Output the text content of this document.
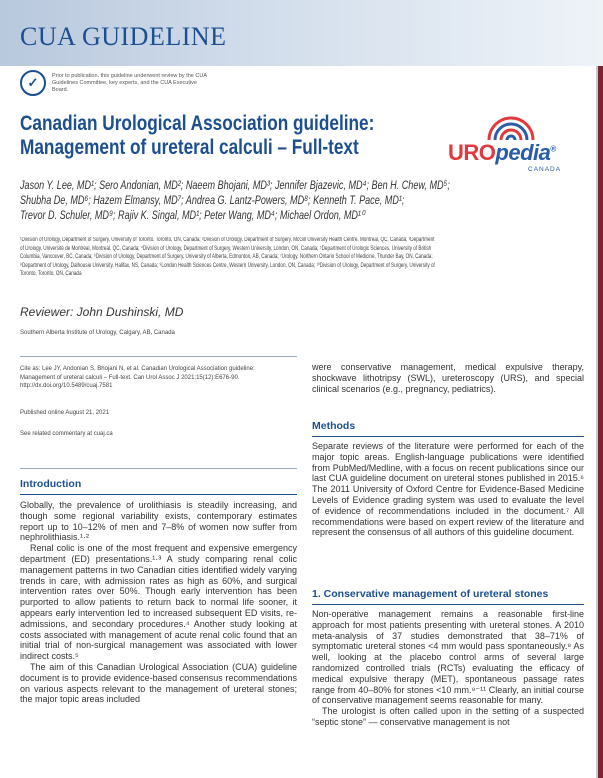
CUA GUIDELINE
✓	Prior to publication, this guideline underwent review by the CUA Guidelines Committee, key experts, and the CUA Executive Board.
Canadian Urological Association guideline:
Management of ureteral calculi – Full-text	UROpedia®
CANADA
Jason Y. Lee, MD¹; Sero Andonian, MD²; Naeem Bhojani, MD³; Jennifer Bjazevic, MD⁴; Ben H. Chew, MD⁵;
Shubha De, MD⁶; Hazem Elmansy, MD⁷; Andrea G. Lantz-Powers, MD⁸; Kenneth T. Pace, MD¹;
Trevor D. Schuler, MD⁹; Rajiv K. Singal, MD¹; Peter Wang, MD⁴; Michael Ordon, MD¹⁰
¹Division of Urology, Department of Surgery, University of Toronto, Toronto, ON, Canada; ²Division of Urology, Department of Surgery, McGill University Health Centre, Montreal, QC, Canada; ³Department
of Urology, Université de Montréal, Montreal, QC, Canada; ⁴Division of Urology, Department of Surgery, Western University, London, ON, Canada; ⁵Department of Urologic Sciences, University of British
Columbia, Vancouver, BC, Canada; ⁶Division of Urology, Department of Surgery, University of Alberta, Edmonton, AB, Canada; ⁷Urology, Northern Ontario School of Medicine, Thunder Bay, ON, Canada;
⁸Department of Urology, Dalhousie University, Halifax, NS, Canada; ⁹London Health Sciences Centre, Western University, London, ON, Canada; ¹⁰Division of Urology, Department of Surgery, University of
Toronto, Toronto, ON, Canada
Reviewer: John Dushinski, MD
Southern Alberta Institute of Urology, Calgary, AB, Canada
Cite as: Lee JY, Andonian S, Bhojani N, et al. Canadian Urological Association guideline:
Management of ureteral calculi – Full-text. Can Urol Assoc J 2021;15(12):E676-90.
http://dx.doi.org/10.5489/cuaj.7581
Published online August 21, 2021
See related commentary at cuaj.ca
Introduction

Globally, the prevalence of urolithiasis is steadily increasing, and though some regional variability exists, contemporary estimates report up to 10–12% of men and 7–8% of women now suffer from nephrolithiasis.¹·²

Renal colic is one of the most frequent and expensive emergency department (ED) presentations.¹·³ A study comparing renal colic management patterns in two Canadian cities identified widely varying trends in care, with admission rates as high as 60%, and surgical intervention rates over 50%. Though early intervention has been purported to allow patients to return back to normal life sooner, it appears early intervention led to increased subsequent ED visits, re-admissions, and secondary procedures.⁴ Another study looking at costs associated with management of acute renal colic found that an initial trial of non-surgical management was associated with lower indirect costs.⁵

The aim of this Canadian Urological Association (CUA) guideline document is to provide evidence-based consensus recommendations on various aspects relevant to the management of ureteral stones; the major topic areas included

were conservative management, medical expulsive therapy, shockwave lithotripsy (SWL), ureteroscopy (URS), and special clinical scenarios (e.g., pregnancy, pediatrics).
Methods

Separate reviews of the literature were performed for each of the major topic areas. English-language publications were identified from PubMed/Medline, with a focus on recent publications since our last CUA guideline document on ureteral stones published in 2015.⁶ The 2011 University of Oxford Centre for Evidence-Based Medicine Levels of Evidence grading system was used to evaluate the level of evidence of recommendations included in the document.⁷ All recommendations were based on expert review of the literature and represent the consensus of all authors of this guideline document.

1. Conservative management of ureteral stones

Non-operative management remains a reasonable first-line approach for most patients presenting with ureteral stones. A 2010 meta-analysis of 37 studies demonstrated that 38–71% of symptomatic ureteral stones <4 mm would pass spontaneously.⁸ As well, looking at the placebo control arms of several large randomized controlled trials (RCTs) evaluating the efficacy of medical expulsive therapy (MET), spontaneous passage rates range from 40–80% for stones <10 mm.⁹⁻¹¹ Clearly, an initial course of conservative management seems reasonable for many.

The urologist is often called upon in the setting of a suspected “septic stone” — conservative management is not
